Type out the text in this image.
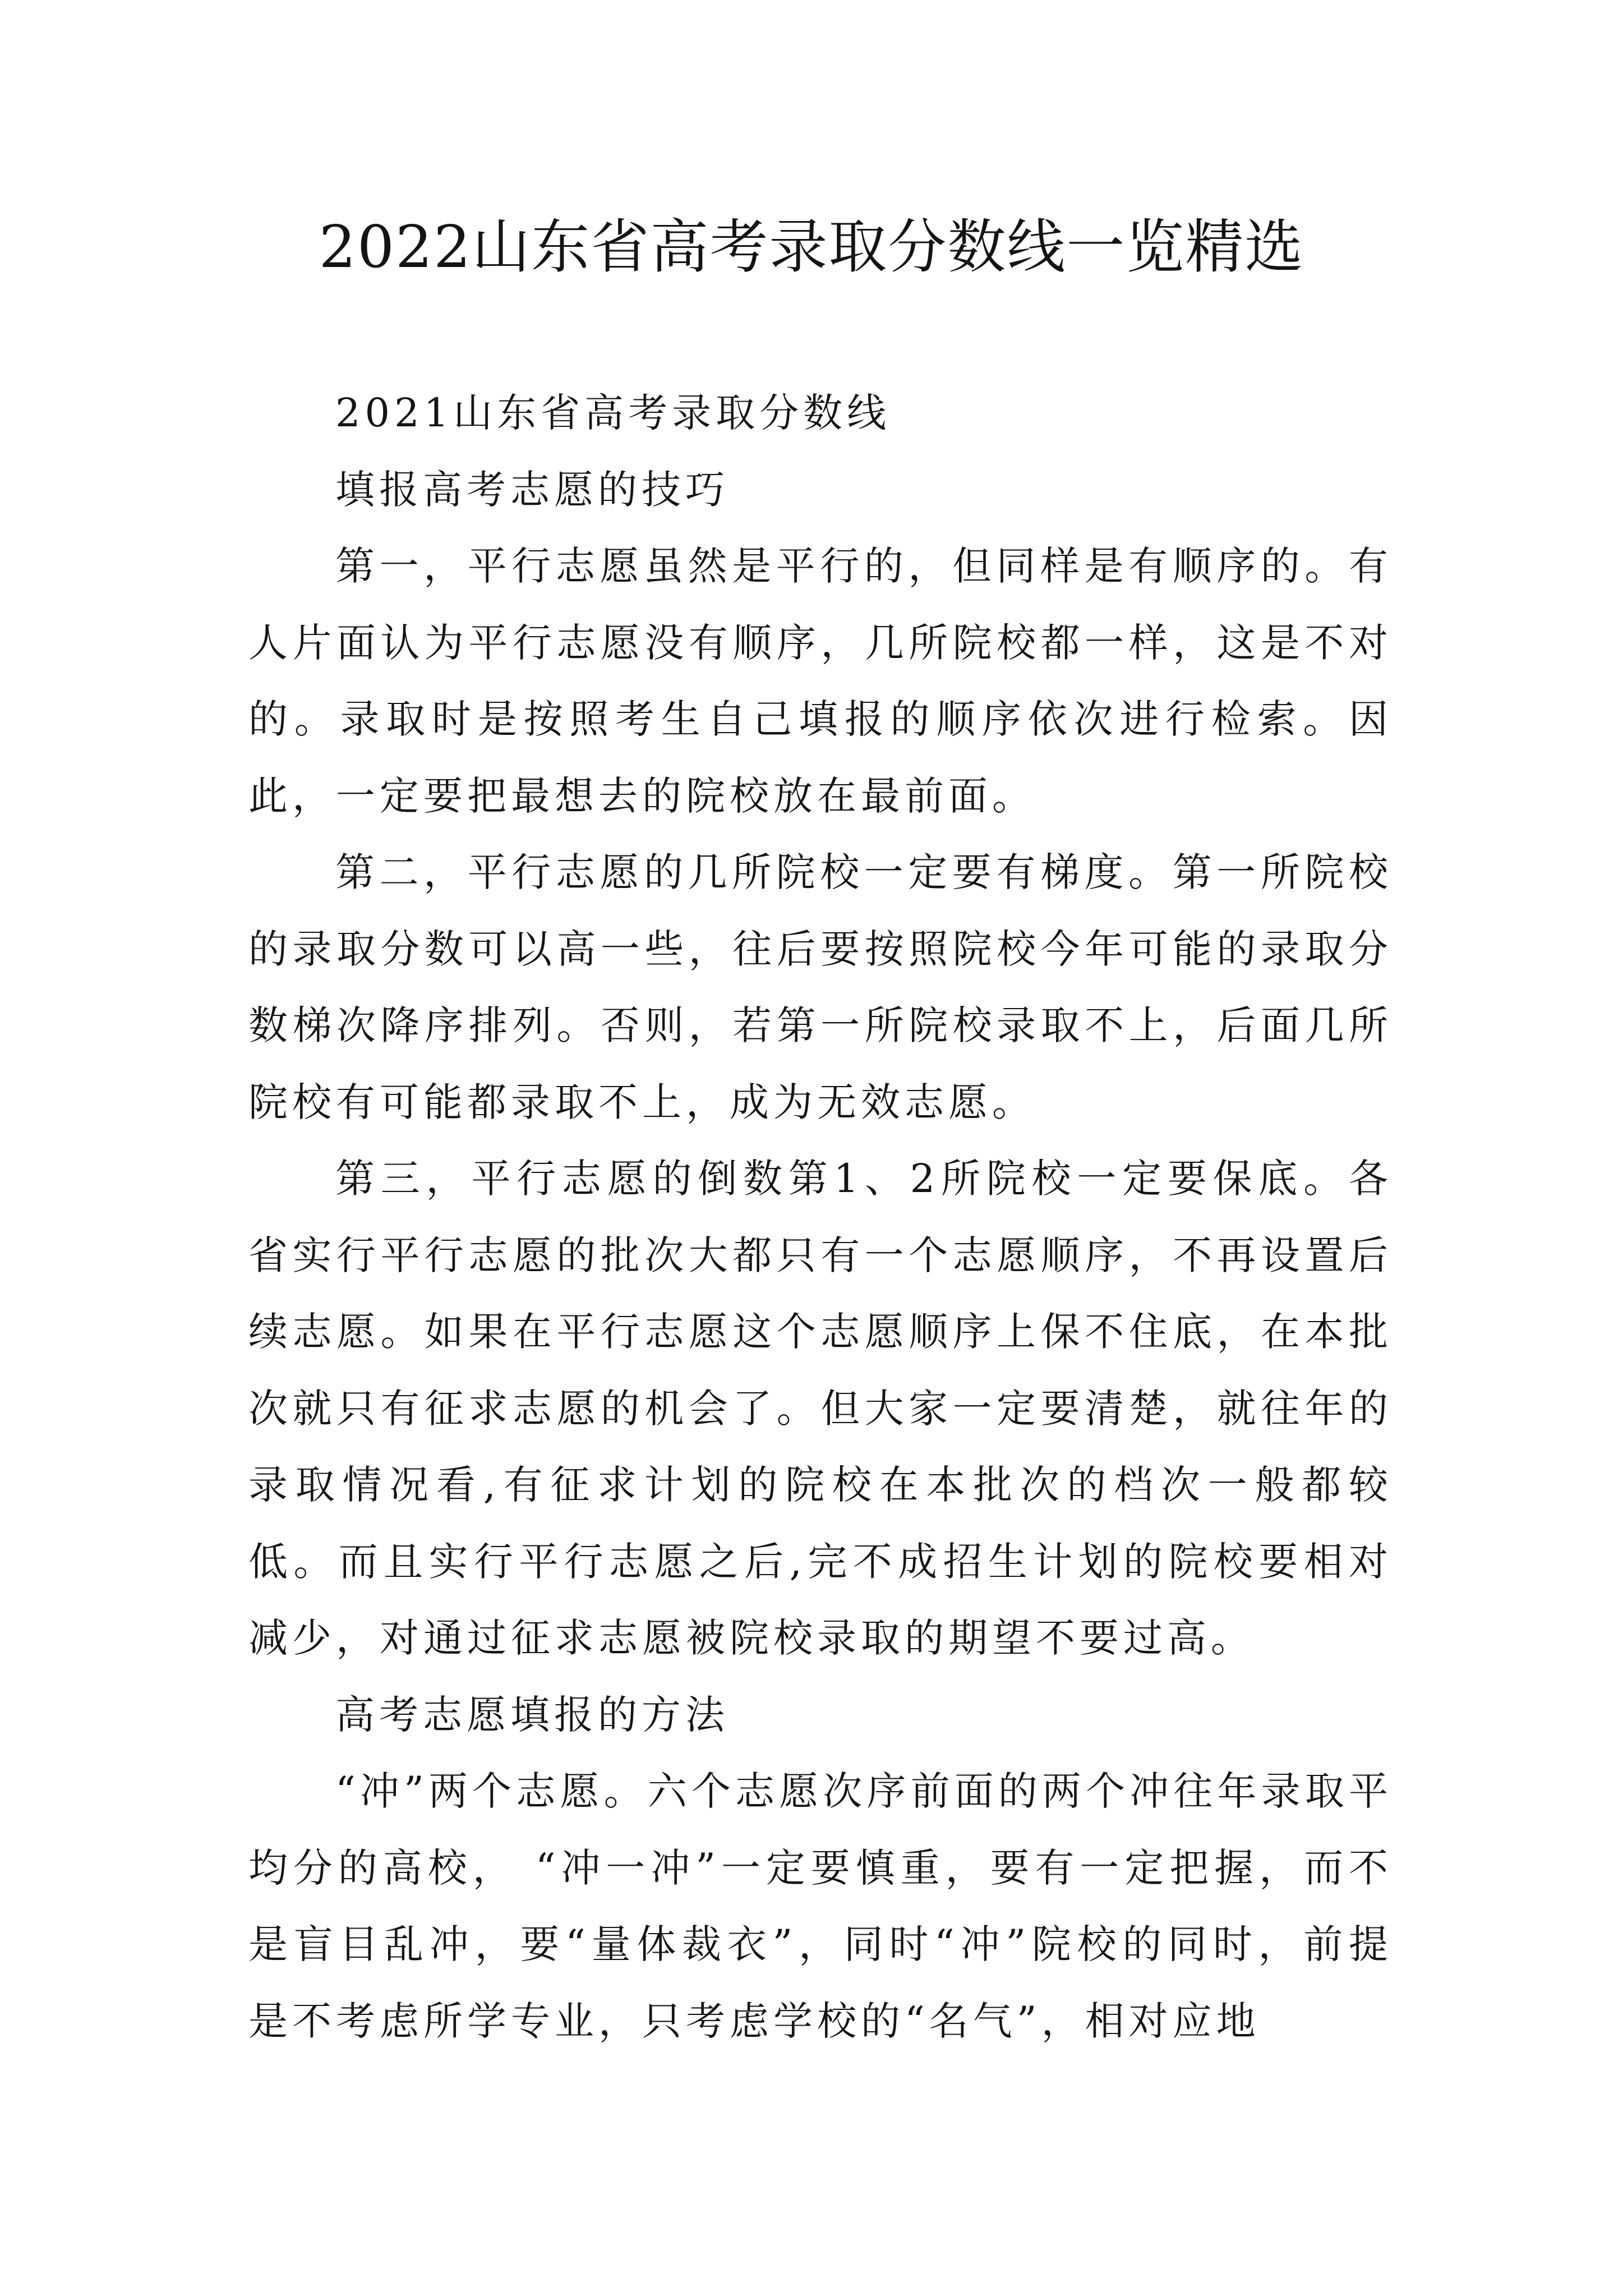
2022山东省高考录取分数线一览精选

2021山东省高考录取分数线

填报高考志愿的技巧

第一，平行志愿虽然是平行的，但同样是有顺序的。有人片面认为平行志愿没有顺序，几所院校都一样，这是不对的。录取时是按照考生自己填报的顺序依次进行检索。因此，一定要把最想去的院校放在最前面。

第二，平行志愿的几所院校一定要有梯度。第一所院校的录取分数可以高一些，往后要按照院校今年可能的录取分数梯次降序排列。否则，若第一所院校录取不上，后面几所院校有可能都录取不上，成为无效志愿。

第三，平行志愿的倒数第1、2所院校一定要保底。各省实行平行志愿的批次大都只有一个志愿顺序，不再设置后续志愿。如果在平行志愿这个志愿顺序上保不住底，在本批次就只有征求志愿的机会了。但大家一定要清楚，就往年的录取情况看,有征求计划的院校在本批次的档次一般都较低。而且实行平行志愿之后,完不成招生计划的院校要相对减少，对通过征求志愿被院校录取的期望不要过高。

高考志愿填报的方法

“冲”两个志愿。六个志愿次序前面的两个冲往年录取平均分的高校， “冲一冲”一定要慎重，要有一定把握，而不是盲目乱冲，要“量体裁衣”，同时“冲”院校的同时，前提是不考虑所学专业，只考虑学校的“名气”，相对应地
